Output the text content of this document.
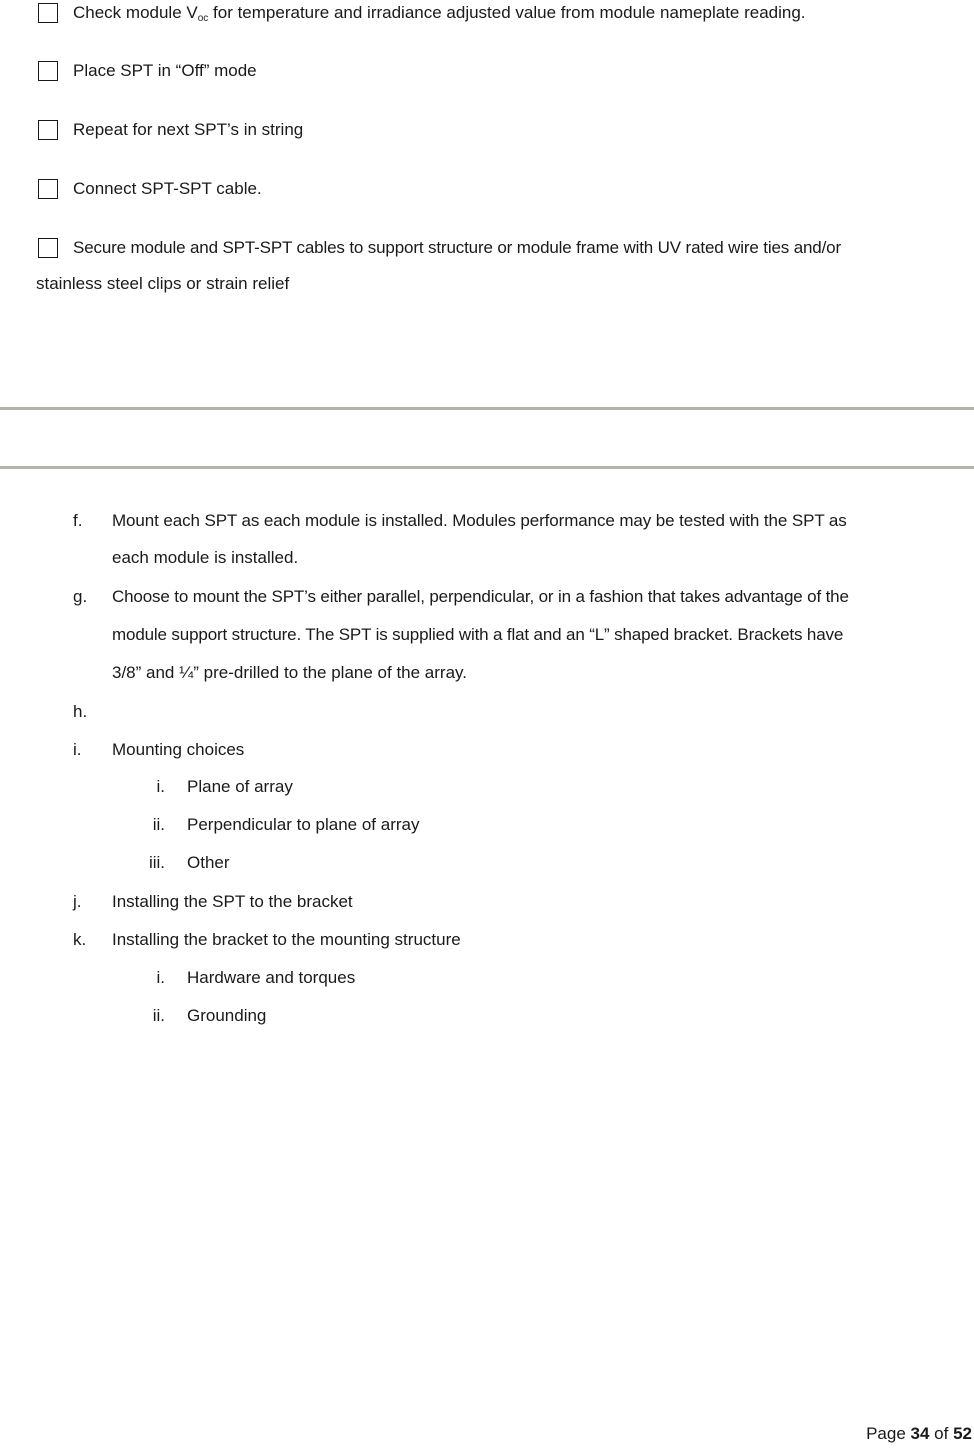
Check module $V_{oc}$ for temperature and irradiance adjusted value from module nameplate reading.
Place SPT in “Off” mode
Repeat for next SPT’s in string
Connect SPT-SPT cable.
Secure module and SPT-SPT cables to support structure or module frame with UV rated wire ties and/or
stainless steel clips or strain relief
f. Mount each SPT as each module is installed. Modules performance may be tested with the SPT as
each module is installed.
g. Choose to mount the SPT’s either parallel, perpendicular, or in a fashion that takes advantage of the
module support structure. The SPT is supplied with a flat and an “L” shaped bracket. Brackets have
3/8” and ¼” pre-drilled to the plane of the array.
h.
i. Mounting choices
i. Plane of array
ii. Perpendicular to plane of array
iii. Other
j. Installing the SPT to the bracket
k. Installing the bracket to the mounting structure
i. Hardware and torques
ii. Grounding
Page 34 of 52
